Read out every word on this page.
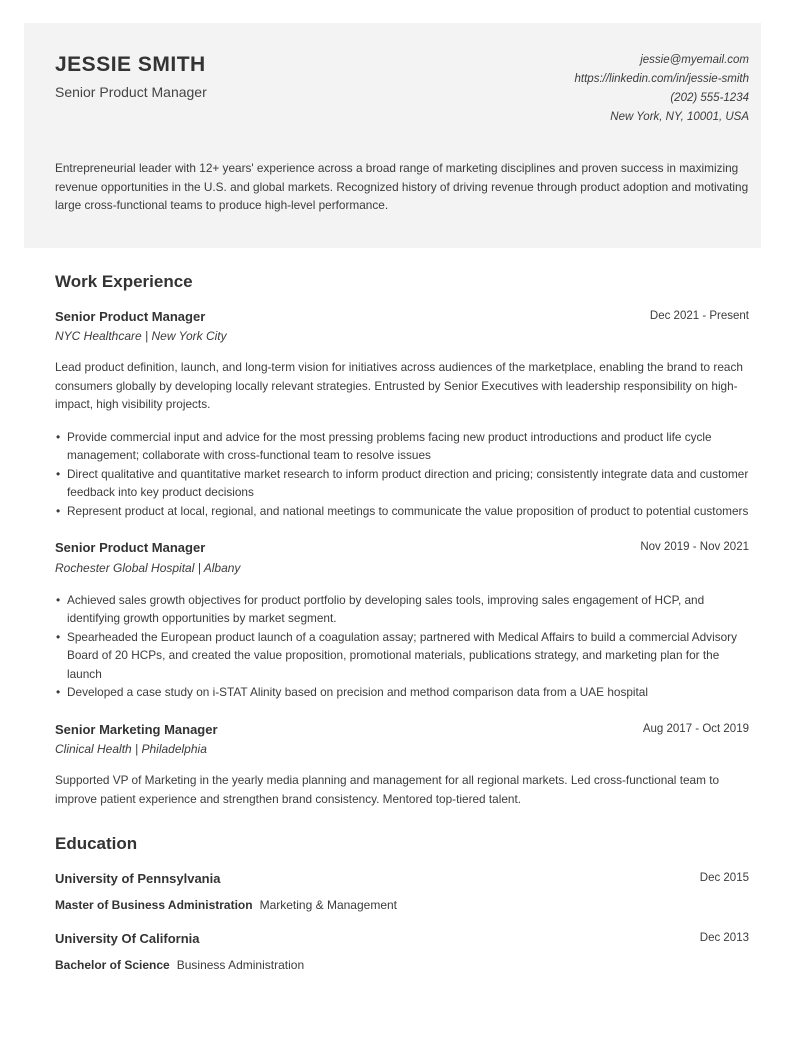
JESSIE SMITH
Senior Product Manager
jessie@myemail.com
https://linkedin.com/in/jessie-smith
(202) 555-1234
New York, NY, 10001, USA

Entrepreneurial leader with 12+ years' experience across a broad range of marketing disciplines and proven success in maximizing revenue opportunities in the U.S. and global markets. Recognized history of driving revenue through product adoption and motivating large cross-functional teams to produce high-level performance.

Work Experience
Senior Product Manager
NYC Healthcare | New York City
Dec 2021 - Present

Lead product definition, launch, and long-term vision for initiatives across audiences of the marketplace, enabling the brand to reach consumers globally by developing locally relevant strategies. Entrusted by Senior Executives with leadership responsibility on high-impact, high visibility projects.

• Provide commercial input and advice for the most pressing problems facing new product introductions and product life cycle management; collaborate with cross-functional team to resolve issues
• Direct qualitative and quantitative market research to inform product direction and pricing; consistently integrate data and customer feedback into key product decisions
• Represent product at local, regional, and national meetings to communicate the value proposition of product to potential customers
Senior Product Manager
Rochester Global Hospital | Albany
Nov 2019 - Nov 2021
• Achieved sales growth objectives for product portfolio by developing sales tools, improving sales engagement of HCP, and identifying growth opportunities by market segment.
• Spearheaded the European product launch of a coagulation assay; partnered with Medical Affairs to build a commercial Advisory Board of 20 HCPs, and created the value proposition, promotional materials, publications strategy, and marketing plan for the launch
• Developed a case study on i-STAT Alinity based on precision and method comparison data from a UAE hospital
Senior Marketing Manager
Clinical Health | Philadelphia
Aug 2017 - Oct 2019

Supported VP of Marketing in the yearly media planning and management for all regional markets. Led cross-functional team to improve patient experience and strengthen brand consistency. Mentored top-tiered talent.

Education
University of Pennsylvania	Dec 2015
Master of Business Administration Marketing & Management
University Of California	Dec 2013
Bachelor of Science Business Administration
